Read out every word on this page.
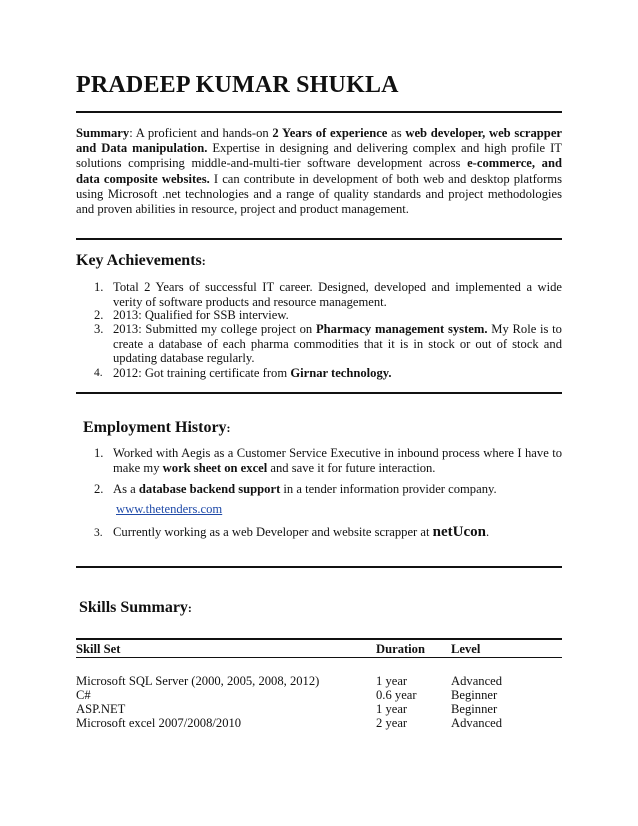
PRADEEP KUMAR SHUKLA
Summary: A proficient and hands-on 2 Years of experience as web developer, web scrapper and Data manipulation. Expertise in designing and delivering complex and high profile IT solutions comprising middle-and-multi-tier software development across e-commerce, and data composite websites. I can contribute in development of both web and desktop platforms using Microsoft .net technologies and a range of quality standards and project methodologies and proven abilities in resource, project and product management.
Key Achievements:
1. Total 2 Years of successful IT career. Designed, developed and implemented a wide verity of software products and resource management.
2. 2013: Qualified for SSB interview.
3. 2013: Submitted my college project on Pharmacy management system. My Role is to create a database of each pharma commodities that it is in stock or out of stock and updating database regularly.
4. 2012: Got training certificate from Girnar technology.
Employment History:
1. Worked with Aegis as a Customer Service Executive in inbound process where I have to make my work sheet on excel and save it for future interaction.
2. As a database backend support in a tender information provider company.
3. Currently working as a web Developer and website scrapper at netUcon.
www.thetenders.com
Skills Summary:
Skill Set	Duration Level
Microsoft SQL Server (2000, 2005, 2008, 2012)	1 year	Advanced
C#	0.6 year	Beginner
ASP.NET	1 year	Beginner
Microsoft excel 2007/2008/2010	2 year	Advanced
